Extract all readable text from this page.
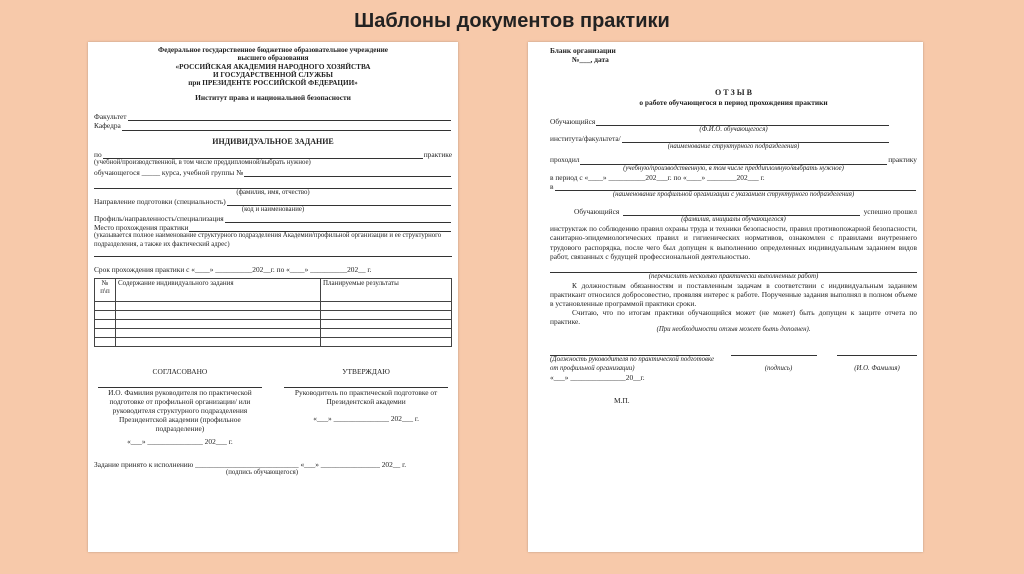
Шаблоны документов практики
Федеральное государственное бюджетное образовательное учреждение
высшего образования
«РОССИЙСКАЯ АКАДЕМИЯ НАРОДНОГО ХОЗЯЙСТВА
И ГОСУДАРСТВЕННОЙ СЛУЖБЫ
при ПРЕЗИДЕНТЕ РОССИЙСКОЙ ФЕДЕРАЦИИ»
Институт права и национальной безопасности
Факультет
Кафедра
ИНДИВИДУАЛЬНОЕ ЗАДАНИЕ
по	практике
(учебной/производственной, в том числе преддипломной/выбрать нужное)
обучающегося _____ курса, учебной группы №
(фамилия, имя, отчество)
Направление подготовки (специальность)
(код и наименование)
Профиль/направленность/специализация
Место прохождения практики
(указывается полное наименование структурного подразделения Академии/профильной организации и ее структурного подразделения, а также их фактический адрес)
Срок прохождения практики с «____» __________202__г. по «____» __________202__ г.
№ п\п	Содержание индивидуального задания	Планируемые результаты

СОГЛАСОВАНО
И.О. Фамилия руководителя по практической подготовке от профильной организации/ или руководителя структурного подразделения Президентской академии (профильное подразделение)
«___» _______________ 202___ г.
УТВЕРЖДАЮ
Руководитель по практической подготовке от Президентской академии
«___» _______________ 202___ г.
Задание принято к исполнению ____________________________ «___» ________________ 202__ г.
(подпись обучающегося)
Бланк организации
№___, дата
О Т З Ы В
о работе обучающегося в период прохождения практики
Обучающийся
(Ф.И.О. обучающегося)
института/факультета/
(наименование структурного подразделения)
проходил	практику
(учебную/производственную, в том числе преддипломную/выбрать нужное)
в период с «____» __________202___г. по «____» ________202___ г.
в
(наименование профильной организации с указанием структурного подразделения)
Обучающийся	успешно прошел
(фамилия, инициалы обучающегося)
инструктаж по соблюдению правил охраны труда и техники безопасности, правил противопожарной безопасности, санитарно-эпидемиологических правил и гигиенических нормативов, ознакомлен с правилами внутреннего трудового распорядка, после чего был допущен к выполнению определенных индивидуальным заданием видов работ, связанных с будущей профессиональной деятельностью.
(перечислить несколько практически выполненных работ)
К должностным обязанностям и поставленным задачам в соответствии с индивидуальным заданием практикант относился добросовестно, проявляя интерес к работе. Порученные задания выполнял в полном объеме в установленные программой практики сроки.
Считаю, что по итогам практики обучающийся может (не может) быть допущен к защите отчета по практике.
(При необходимости отзыв может быть дополнен).
(Должность руководителя по практической подготовке от профильной организации)	(подпись)	(И.О. Фамилия)
«___» _______________20__г.
М.П.
